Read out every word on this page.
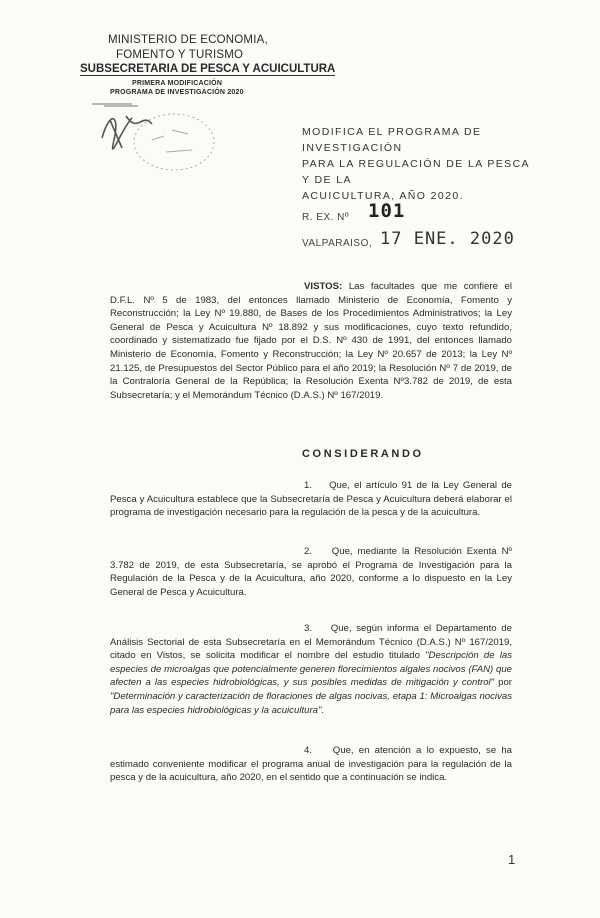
MINISTERIO DE ECONOMIA,
FOMENTO Y TURISMO
SUBSECRETARIA DE PESCA Y ACUICULTURA
PRIMERA MODIFICACIÓN
PROGRAMA DE INVESTIGACIÓN 2020
MODIFICA EL PROGRAMA DE INVESTIGACIÓN
PARA LA REGULACIÓN DE LA PESCA Y DE LA
ACUICULTURA, AÑO 2020.
R. EX. Nº 101
VALPARAISO, 17 ENE. 2020
VISTOS: Las facultades que me confiere el D.F.L. Nº 5 de 1983, del entonces llamado Ministerio de Economía, Fomento y Reconstrucción; la Ley Nº 19.880, de Bases de los Procedimientos Administrativos; la Ley General de Pesca y Acuicultura Nº 18.892 y sus modificaciones, cuyo texto refundido, coordinado y sistematizado fue fijado por el D.S. Nº 430 de 1991, del entonces llamado Ministerio de Economía, Fomento y Reconstrucción; la Ley Nº 20.657 de 2013; la Ley Nº 21.125, de Presupuestos del Sector Público para el año 2019; la Resolución Nº 7 de 2019, de la Contraloría General de la República; la Resolución Exenta Nº3.782 de 2019, de esta Subsecretaría; y el Memorándum Técnico (D.A.S.) Nº 167/2019.
CONSIDERANDO
1. Que, el artículo 91 de la Ley General de Pesca y Acuicultura establece que la Subsecretaría de Pesca y Acuicultura deberá elaborar el programa de investigación necesario para la regulación de la pesca y de la acuicultura.
2. Que, mediante la Resolución Exenta Nº 3.782 de 2019, de esta Subsecretaría, se aprobó el Programa de Investigación para la Regulación de la Pesca y de la Acuicultura, año 2020, conforme a lo dispuesto en la Ley General de Pesca y Acuicultura.
3. Que, según informa el Departamento de Análisis Sectorial de esta Subsecretaría en el Memorándum Técnico (D.A.S.) Nº 167/2019, citado en Vistos, se solicita modificar el nombre del estudio titulado "Descripción de las especies de microalgas que potencialmente generen florecimientos algales nocivos (FAN) que afecten a las especies hidrobiológicas, y sus posibles medidas de mitigación y control" por "Determinación y caracterización de floraciones de algas nocivas, etapa 1: Microalgas nocivas para las especies hidrobiológicas y la acuicultura".
4. Que, en atención a lo expuesto, se ha estimado conveniente modificar el programa anual de investigación para la regulación de la pesca y de la acuicultura, año 2020, en el sentido que a continuación se indica.
1
